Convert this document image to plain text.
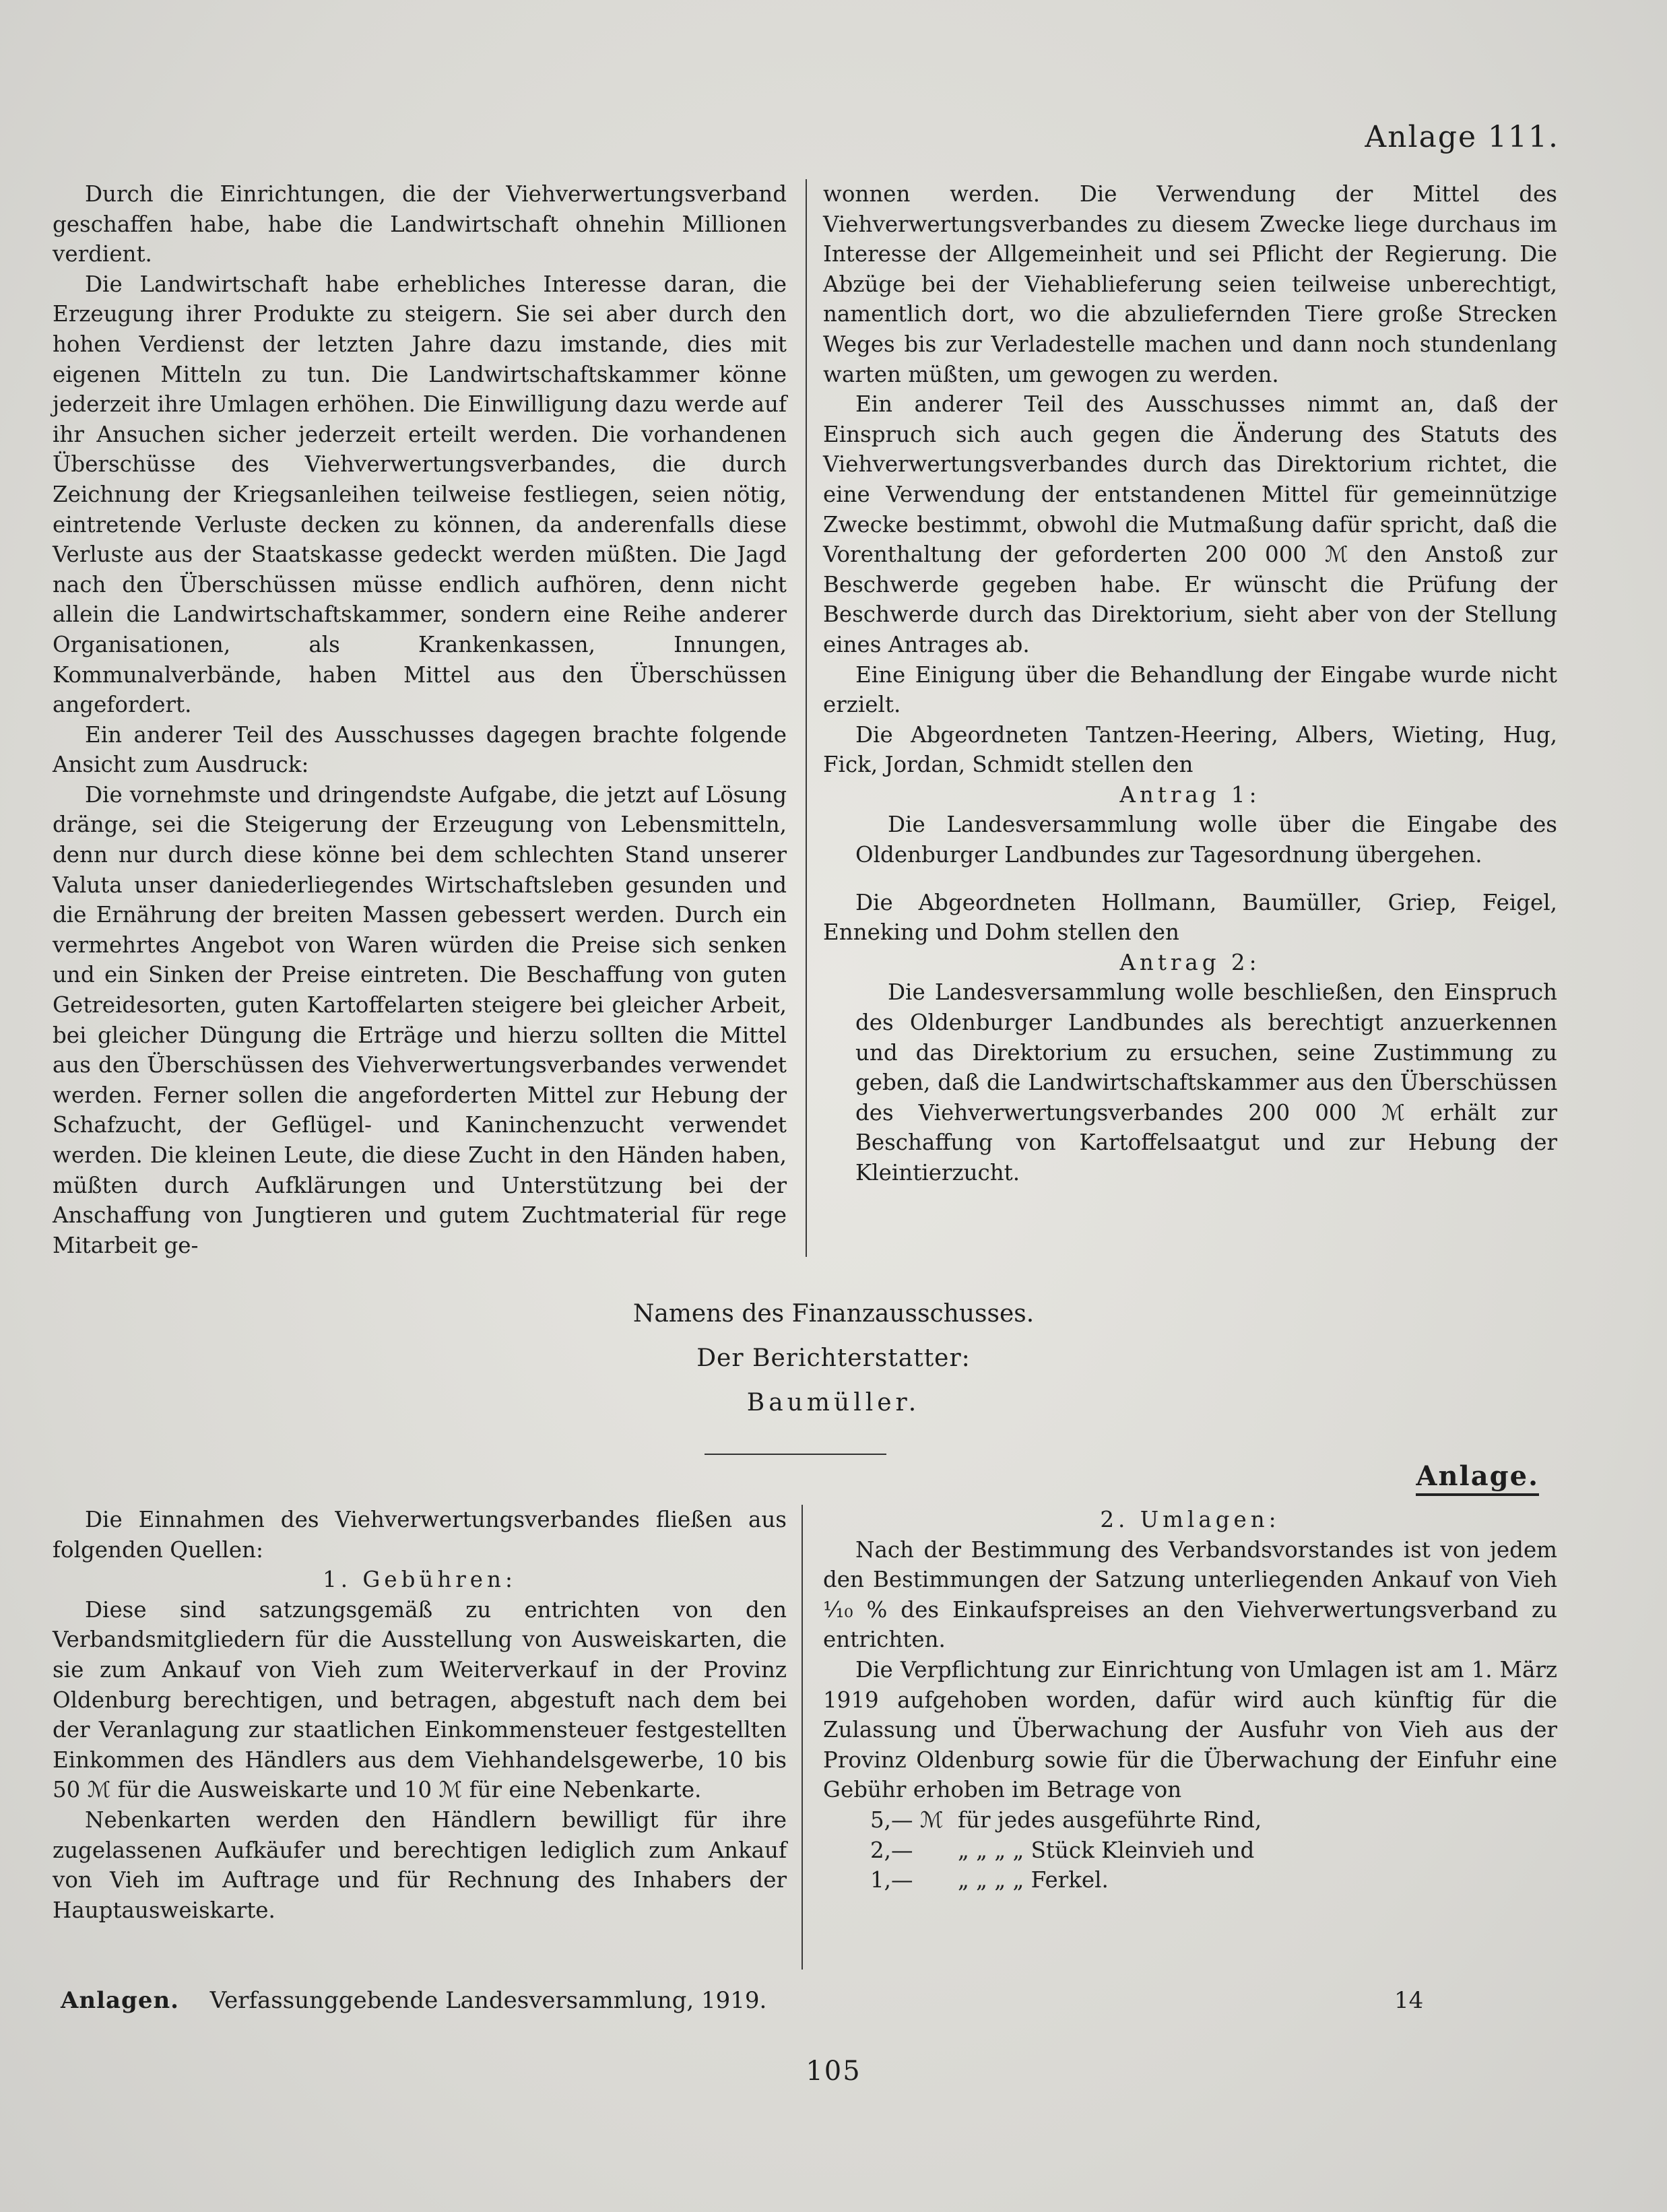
Anlage 111.

Durch die Einrichtungen, die der Viehverwertungsverband geschaffen habe, habe die Landwirtschaft ohnehin Millionen verdient.

Die Landwirtschaft habe erhebliches Interesse daran, die Erzeugung ihrer Produkte zu steigern. Sie sei aber durch den hohen Verdienst der letzten Jahre dazu imstande, dies mit eigenen Mitteln zu tun. Die Landwirtschaftskammer könne jederzeit ihre Umlagen erhöhen. Die Einwilligung dazu werde auf ihr Ansuchen sicher jederzeit erteilt werden. Die vorhandenen Überschüsse des Viehverwertungsverbandes, die durch Zeichnung der Kriegsanleihen teilweise festliegen, seien nötig, eintretende Verluste decken zu können, da anderenfalls diese Verluste aus der Staatskasse gedeckt werden müßten. Die Jagd nach den Überschüssen müsse endlich aufhören, denn nicht allein die Landwirtschaftskammer, sondern eine Reihe anderer Organisationen, als Krankenkassen, Innungen, Kommunalverbände, haben Mittel aus den Überschüssen angefordert.

Ein anderer Teil des Ausschusses dagegen brachte folgende Ansicht zum Ausdruck:

Die vornehmste und dringendste Aufgabe, die jetzt auf Lösung dränge, sei die Steigerung der Erzeugung von Lebensmitteln, denn nur durch diese könne bei dem schlechten Stand unserer Valuta unser daniederliegendes Wirtschaftsleben gesunden und die Ernährung der breiten Massen gebessert werden. Durch ein vermehrtes Angebot von Waren würden die Preise sich senken und ein Sinken der Preise eintreten. Die Beschaffung von guten Getreidesorten, guten Kartoffelarten steigere bei gleicher Arbeit, bei gleicher Düngung die Erträge und hierzu sollten die Mittel aus den Überschüssen des Viehverwertungsverbandes verwendet werden. Ferner sollen die angeforderten Mittel zur Hebung der Schafzucht, der Geflügel- und Kaninchenzucht verwendet werden. Die kleinen Leute, die diese Zucht in den Händen haben, müßten durch Aufklärungen und Unterstützung bei der Anschaffung von Jungtieren und gutem Zuchtmaterial für rege Mitarbeit ge-

wonnen werden. Die Verwendung der Mittel des Viehverwertungsverbandes zu diesem Zwecke liege durchaus im Interesse der Allgemeinheit und sei Pflicht der Regierung. Die Abzüge bei der Viehablieferung seien teilweise unberechtigt, namentlich dort, wo die abzuliefernden Tiere große Strecken Weges bis zur Verladestelle machen und dann noch stundenlang warten müßten, um gewogen zu werden.

Ein anderer Teil des Ausschusses nimmt an, daß der Einspruch sich auch gegen die Änderung des Statuts des Viehverwertungsverbandes durch das Direktorium richtet, die eine Verwendung der entstandenen Mittel für gemeinnützige Zwecke bestimmt, obwohl die Mutmaßung dafür spricht, daß die Vorenthaltung der geforderten 200 000 ℳ den Anstoß zur Beschwerde gegeben habe. Er wünscht die Prüfung der Beschwerde durch das Direktorium, sieht aber von der Stellung eines Antrages ab.

Eine Einigung über die Behandlung der Eingabe wurde nicht erzielt.

Die Abgeordneten Tantzen-Heering, Albers, Wieting, Hug, Fick, Jordan, Schmidt stellen den

Antrag 1:

Die Landesversammlung wolle über die Eingabe des Oldenburger Landbundes zur Tagesordnung übergehen.

Die Abgeordneten Hollmann, Baumüller, Griep, Feigel, Enneking und Dohm stellen den

Antrag 2:

Die Landesversammlung wolle beschließen, den Einspruch des Oldenburger Landbundes als berechtigt anzuerkennen und das Direktorium zu ersuchen, seine Zustimmung zu geben, daß die Landwirtschaftskammer aus den Überschüssen des Viehverwertungsverbandes 200 000 ℳ erhält zur Beschaffung von Kartoffelsaatgut und zur Hebung der Kleintierzucht.

Namens des Finanzausschusses.
Der Berichterstatter:
Baumüller.
Anlage.

Die Einnahmen des Viehverwertungsverbandes fließen aus folgenden Quellen:

1. Gebühren:

Diese sind satzungsgemäß zu entrichten von den Verbandsmitgliedern für die Ausstellung von Ausweiskarten, die sie zum Ankauf von Vieh zum Weiterverkauf in der Provinz Oldenburg berechtigen, und betragen, abgestuft nach dem bei der Veranlagung zur staatlichen Einkommensteuer festgestellten Einkommen des Händlers aus dem Viehhandelsgewerbe, 10 bis 50 ℳ für die Ausweiskarte und 10 ℳ für eine Nebenkarte.

Nebenkarten werden den Händlern bewilligt für ihre zugelassenen Aufkäufer und berechtigen lediglich zum Ankauf von Vieh im Auftrage und für Rechnung des Inhabers der Hauptausweiskarte.

2. Umlagen:

Nach der Bestimmung des Verbandsvorstandes ist von jedem den Bestimmungen der Satzung unterliegenden Ankauf von Vieh ¹⁄₁₀ % des Einkaufspreises an den Viehverwertungsverband zu entrichten.

Die Verpflichtung zur Einrichtung von Umlagen ist am 1. März 1919 aufgehoben worden, dafür wird auch künftig für die Zulassung und Überwachung der Ausfuhr von Vieh aus der Provinz Oldenburg sowie für die Überwachung der Einfuhr eine Gebühr erhoben im Betrage von

5,— ℳ	für jedes ausgeführte Rind,
2,—	„ „ „ „ Stück Kleinvieh und
1,—	„ „ „ „ Ferkel.
Anlagen. Verfassunggebende Landesversammlung, 1919.	14
105
